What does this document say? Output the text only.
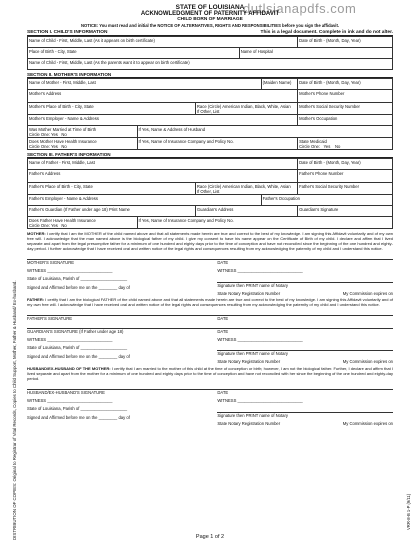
dutlsianapdfs.com
DISTRIBUTION OF COPIES: Original to Registrar of Vital Records, Copies to Child Support, Mother, Father & Husband/ Ex-husband.	VRR-8-B 1-P (9/11)
STATE OF LOUISIANA
ACKNOWLEDGMENT OF PATERNITY AFFIDAVIT
CHILD BORN OF MARRIAGE
NOTICE: You must read and initial the NOTICE OF ALTERNATIVES, RIGHTS AND RESPONSIBILITIES before you sign the affidavit.
SECTION I. CHILD'S INFORMATION	This is a legal document. Complete in ink and do not alter.
Name of Child - First, Middle, Last (As it appears on birth certificate)		Date of Birth - (Month, Day, Year)
Place of Birth - City, State	Name of Hospital	
Name of Child - First, Middle, Last (As the parents want it to appear on birth certificate)		
SECTION II. MOTHER'S INFORMATION
Name of Mother - First, Middle, Last			(Maiden Name)	Date of Birth - (Month, Day, Year)
Mother's Address				Mother's Phone Number
Mother's Place of Birth - City, State		Race (Circle) American Indian, Black, White, Asian
If Other, List		Mother's Social Security Number
Mother's Employer - Name & Address				Mother's Occupation
Was Mother Married at Time of Birth
Circle One: Yes No	If Yes, Name & Address of Husband			
Does Mother Have Health Insurance
Circle One: Yes No	If Yes, Name of Insurance Company and Policy No.			State Medicaid
Circle One: Yes No
SECTION III. FATHER'S INFORMATION
Name of Father - First, Middle, Last				Date of Birth - (Month, Day, Year)
Father's Address				Father's Phone Number
Father's Place of Birth - City, State		Race (Circle) American Indian, Black, White, Asian
If Other, List		Father's Social Security Number
Father's Employer - Name & Address			Father's Occupation	
Father's Guardian (If Father under age 18) Print Name		Guardian's Address		Guardian's Signature
Does Father Have Health Insurance
Circle One: Yes No	If Yes, Name of Insurance Company and Policy No.			

MOTHER: I certify that I am the MOTHER of the child named above and that all statements made herein are true and correct to the best of my knowledge. I am signing this Affidavit voluntarily and of my own free will. I acknowledge that the man named above is the biological father of my child. I give my consent to have his name appear on the Certificate of Birth of my child. I declare and affirm that I lived separate and apart from the legal presumptive father for a minimum of one hundred and eighty days prior to the time of conception and have not reconciled since the beginning of the one hundred and eighty-day period. I further acknowledge that I have received oral and written notice of the legal rights and consequences resulting from my acknowledging the paternity of my child and I understand this notice.

MOTHER'S SIGNATURE
WITNESS ____________________________
State of Louisiana, Parish of ____________________
Signed and Affirmed before me on the ________ day of
DATE
WITNESS ____________________________
Signature then PRINT name of Notary
State Notary Registration Number	My Commission expires on

FATHER: I certify that I am the biological FATHER of the child named above and that all statements made herein are true and correct to the best of my knowledge. I am signing this Affidavit voluntarily and of my own free will. I acknowledge that I have received oral and written notice of the legal rights and consequences resulting from my acknowledging the paternity of my child and I understand this notice.

FATHER'S SIGNATURE
GUARDIAN'S SIGNATURE (If Father under age 18)
WITNESS ____________________________
State of Louisiana, Parish of ____________________
Signed and Affirmed before me on the ________ day of
DATE
DATE
WITNESS ____________________________
Signature then PRINT name of Notary
State Notary Registration Number	My Commission expires on

HUSBAND/EX-HUSBAND OF THE MOTHER: I certify that I am married to the mother of this child at the time of conception or birth; however, I am not the biological father. Further, I declare and affirm that I lived separate and apart from the mother for a minimum of one hundred and eighty days prior to the time of conception and have not reconciled with her since the beginning of the one hundred and eighty-day period.

HUSBAND/EX-HUSBAND'S SIGNATURE
WITNESS ____________________________
State of Louisiana, Parish of ____________________
Signed and Affirmed before me on the ________ day of
DATE
WITNESS ____________________________
Signature then PRINT name of Notary
State Notary Registration Number	My Commission expires on
Page 1 of 2
